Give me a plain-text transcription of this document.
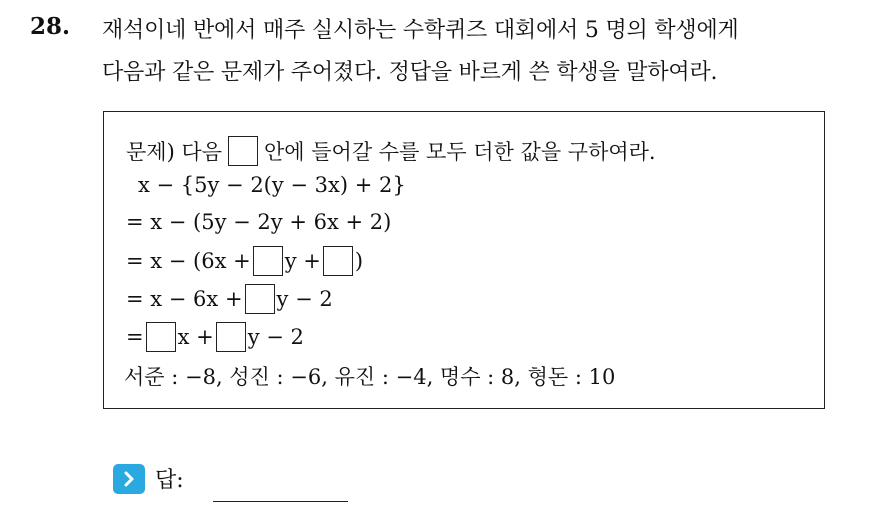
28. 재석이네 반에서 매주 실시하는 수학퀴즈 대회에서 5 명의 학생에게
다음과 같은 문제가 주어졌다. 정답을 바르게 쓴 학생을 말하여라.
문제) 다음 안에 들어갈 수를 모두 더한 값을 구하여라.
x − {5y − 2(y − 3x) + 2}
= x − (5y − 2y + 6x + 2)
= x − (6x + y + )
= x − 6x + y − 2
= x + y − 2
서준 : −8, 성진 : −6, 유진 : −4, 명수 : 8, 형돈 : 10
답:
